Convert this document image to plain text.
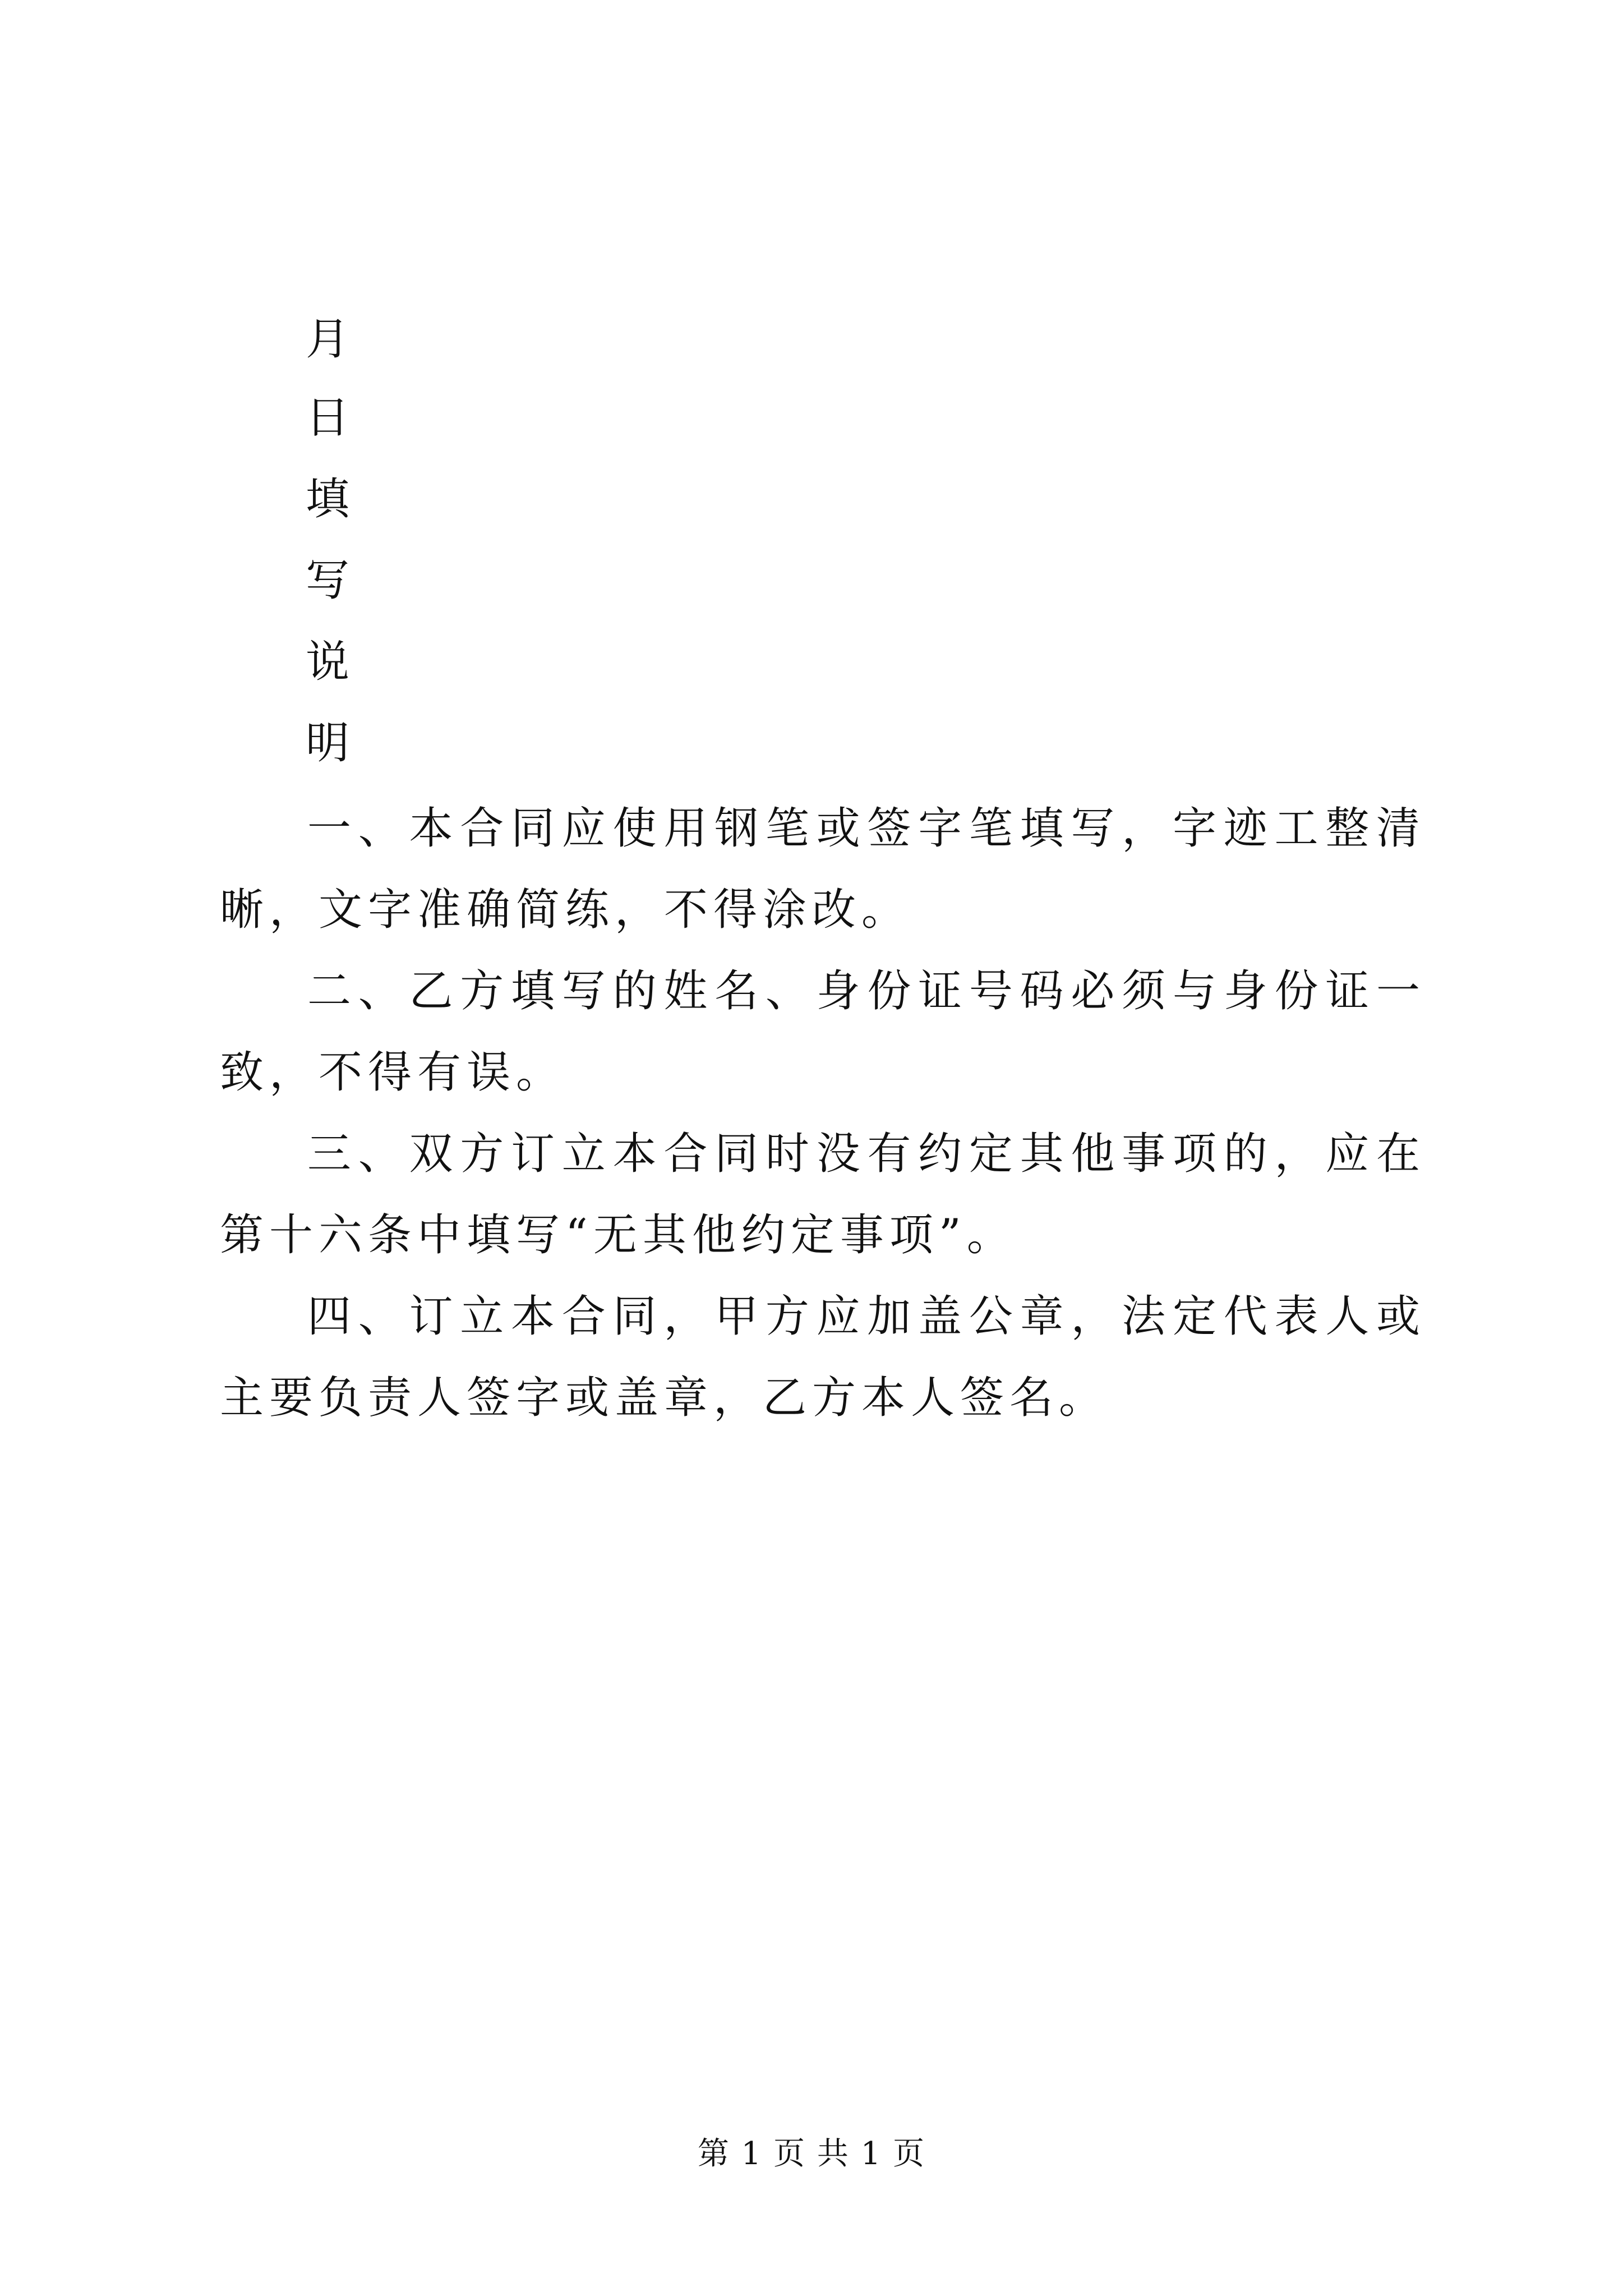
月
日
填
写
说
明

一、本合同应使用钢笔或签字笔填写，字迹工整清晰，文字准确简练，不得涂改。

二、乙方填写的姓名、身份证号码必须与身份证一致，不得有误。

三、双方订立本合同时没有约定其他事项的，应在第十六条中填写“无其他约定事项”。

四、订立本合同，甲方应加盖公章，法定代表人或主要负责人签字或盖章，乙方本人签名。

第 1 页 共 1 页
